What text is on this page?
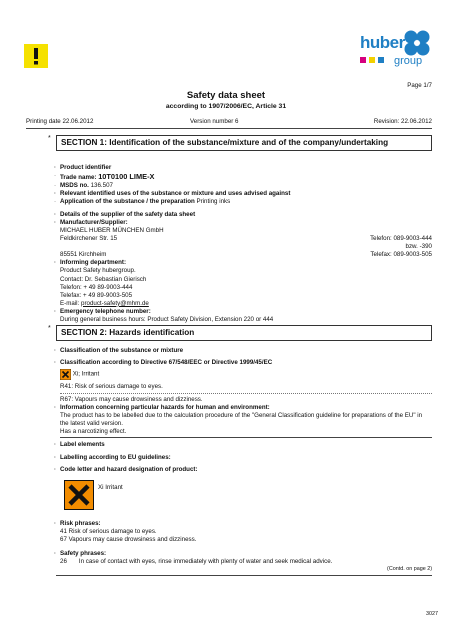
huber
group
Page 1/7
Safety data sheet
according to 1907/2006/EC, Article 31
Printing date 22.06.2012	Version number 6	Revision: 22.06.2012
*	SECTION 1: Identification of the substance/mixture and of the company/undertaking
· Product identifier
· Trade name: 10T0100 LIME-X
· MSDS no. 136.507
· Relevant identified uses of the substance or mixture and uses advised against
· Application of the substance / the preparation Printing inks
· Details of the supplier of the safety data sheet
· Manufacturer/Supplier:
MICHAEL HUBER MÜNCHEN GmbH
Feldkirchener Str. 15	Telefon: 089-9003-444
bzw. -390
85551 Kirchheim	Telefax: 089-9003-505
· Informing department:
Product Safety hubergroup.
Contact: Dr. Sebastian Gierisch
Telefon: + 49 89-9003-444
Telefax: + 49 89-9003-505
E-mail: product-safety@mhm.de
· Emergency telephone number:
During general business hours: Product Safety Division, Extension 220 or 444
*	SECTION 2: Hazards identification
· Classification of the substance or mixture
· Classification according to Directive 67/548/EEC or Directive 1999/45/EC
Xi; Irritant
R41: Risk of serious damage to eyes.
R67: Vapours may cause drowsiness and dizziness.
· Information concerning particular hazards for human and environment:
The product has to be labelled due to the calculation procedure of the "General Classification guideline for preparations of the EU" in the latest valid version.
Has a narcotizing effect.
· Label elements
· Labelling according to EU guidelines:
· Code letter and hazard designation of product:
Xi Irritant
· Risk phrases:
41 Risk of serious damage to eyes.
67 Vapours may cause drowsiness and dizziness.
· Safety phrases:
26 In case of contact with eyes, rinse immediately with plenty of water and seek medical advice.
(Contd. on page 2)
3027
